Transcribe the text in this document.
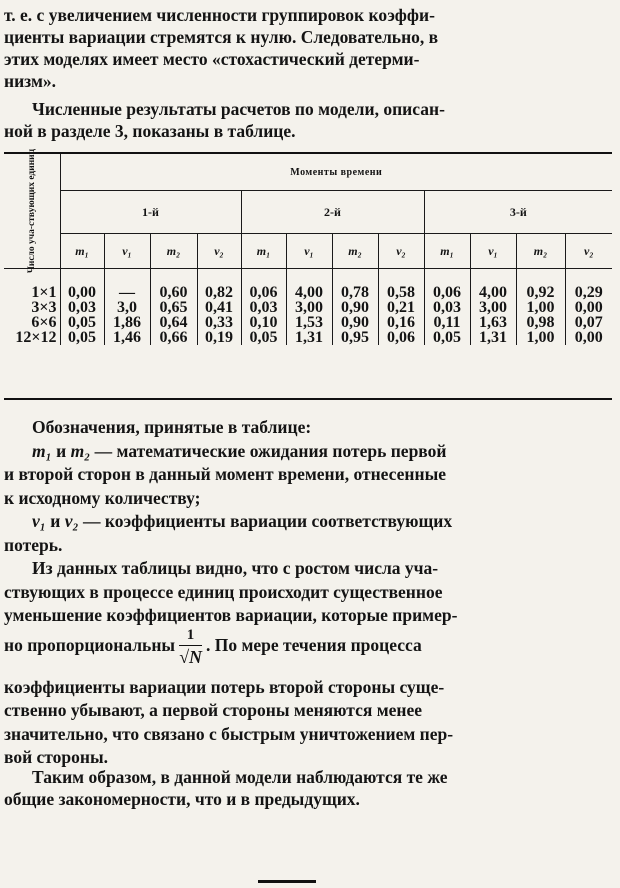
т. е. с увеличением численности группировок коэффи-

циенты вариации стремятся к нулю. Следовательно, в

этих моделях имеет место «стохастический детерми-

низм».

Численные результаты расчетов по модели, описан-

ной в разделе 3, показаны в таблице.

Число уча-ствующих единиц	Моменты времени											
	1-й				2-й				3-й			
	m₁	v₁	m₂	v₂	m₁	v₁	m₂	v₂	m₁	v₁	m₂	v₂
1×1	0,00	—	0,60	0,82	0,06	4,00	0,78	0,58	0,06	4,00	0,92	0,29
3×3	0,03	3,0	0,65	0,41	0,03	3,00	0,90	0,21	0,03	3,00	1,00	0,00
6×6	0,05	1,86	0,64	0,33	0,10	1,53	0,90	0,16	0,11	1,63	0,98	0,07
12×12	0,05	1,46	0,66	0,19	0,05	1,31	0,95	0,06	0,05	1,31	1,00	0,00

Обозначения, принятые в таблице:

m₁ и m₂ — математические ожидания потерь первой

и второй сторон в данный момент времени, отнесенные

к исходному количеству;

v₁ и v₂ — коэффициенты вариации соответствующих

потерь.

Из данных таблицы видно, что с ростом числа уча-

ствующих в процессе единиц происходит существенное

уменьшение коэффициентов вариации, которые пример-

но пропорциональны $\frac{1}{√N}$ . По мере течения процесса

коэффициенты вариации потерь второй стороны суще-

ственно убывают, а первой стороны меняются менее

значительно, что связано с быстрым уничтожением пер-

вой стороны.

Таким образом, в данной модели наблюдаются те же

общие закономерности, что и в предыдущих.
